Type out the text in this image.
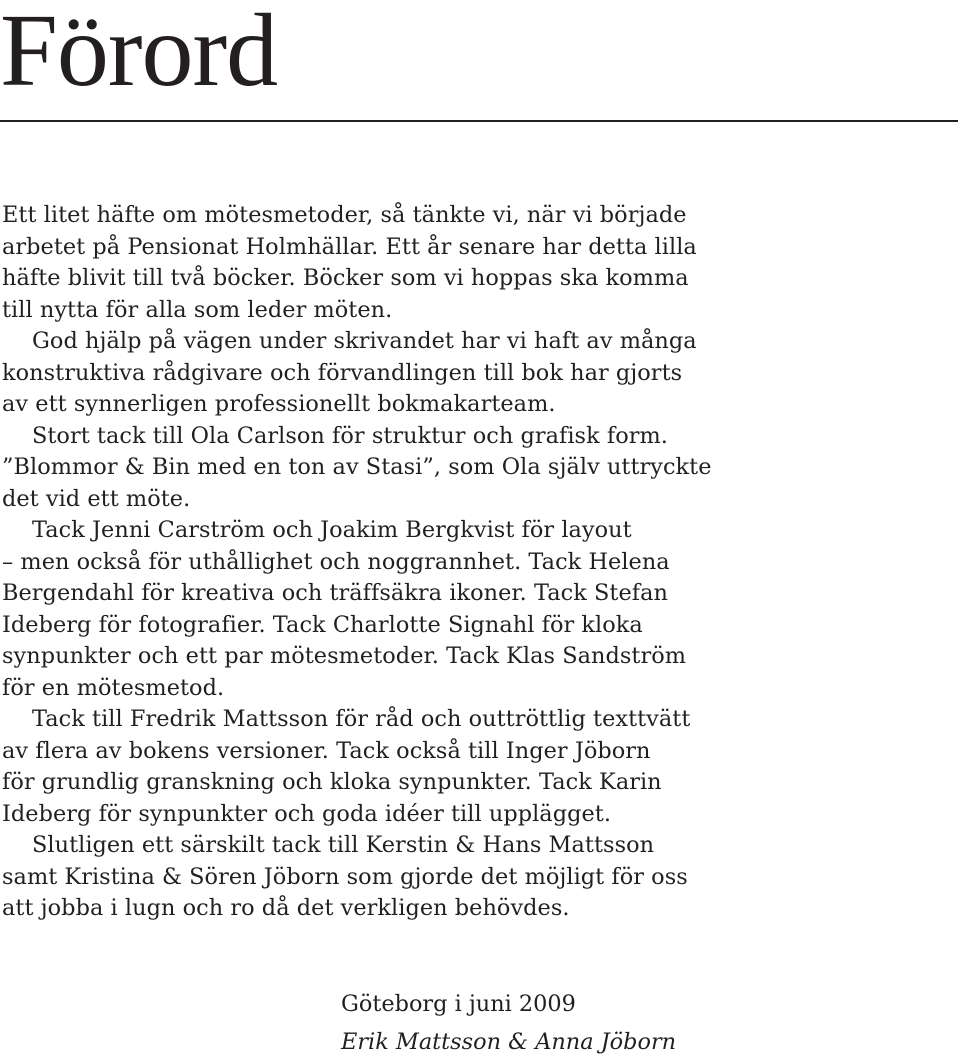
Förord

Ett litet häfte om mötesmetoder, så tänkte vi, när vi började
arbetet på Pensionat Holmhällar. Ett år senare har detta lilla
häfte blivit till två böcker. Böcker som vi hoppas ska komma
till nytta för alla som leder möten.

God hjälp på vägen under skrivandet har vi haft av många
konstruktiva rådgivare och förvandlingen till bok har gjorts
av ett synnerligen professionellt bokmakarteam.

Stort tack till Ola Carlson för struktur och grafisk form.
”Blommor & Bin med en ton av Stasi”, som Ola själv uttryckte
det vid ett möte.

Tack Jenni Carström och Joakim Bergkvist för layout
– men också för uthållighet och noggrannhet. Tack Helena
Bergendahl för kreativa och träffsäkra ikoner. Tack Stefan
Ideberg för fotografier. Tack Charlotte Signahl för kloka
synpunkter och ett par mötesmetoder. Tack Klas Sandström
för en mötesmetod.

Tack till Fredrik Mattsson för råd och outtröttlig texttvätt
av flera av bokens versioner. Tack också till Inger Jöborn
för grundlig granskning och kloka synpunkter. Tack Karin
Ideberg för synpunkter och goda idéer till upplägget.

Slutligen ett särskilt tack till Kerstin & Hans Mattsson
samt Kristina & Sören Jöborn som gjorde det möjligt för oss
att jobba i lugn och ro då det verkligen behövdes.

Göteborg i juni 2009
Erik Mattsson & Anna Jöborn
